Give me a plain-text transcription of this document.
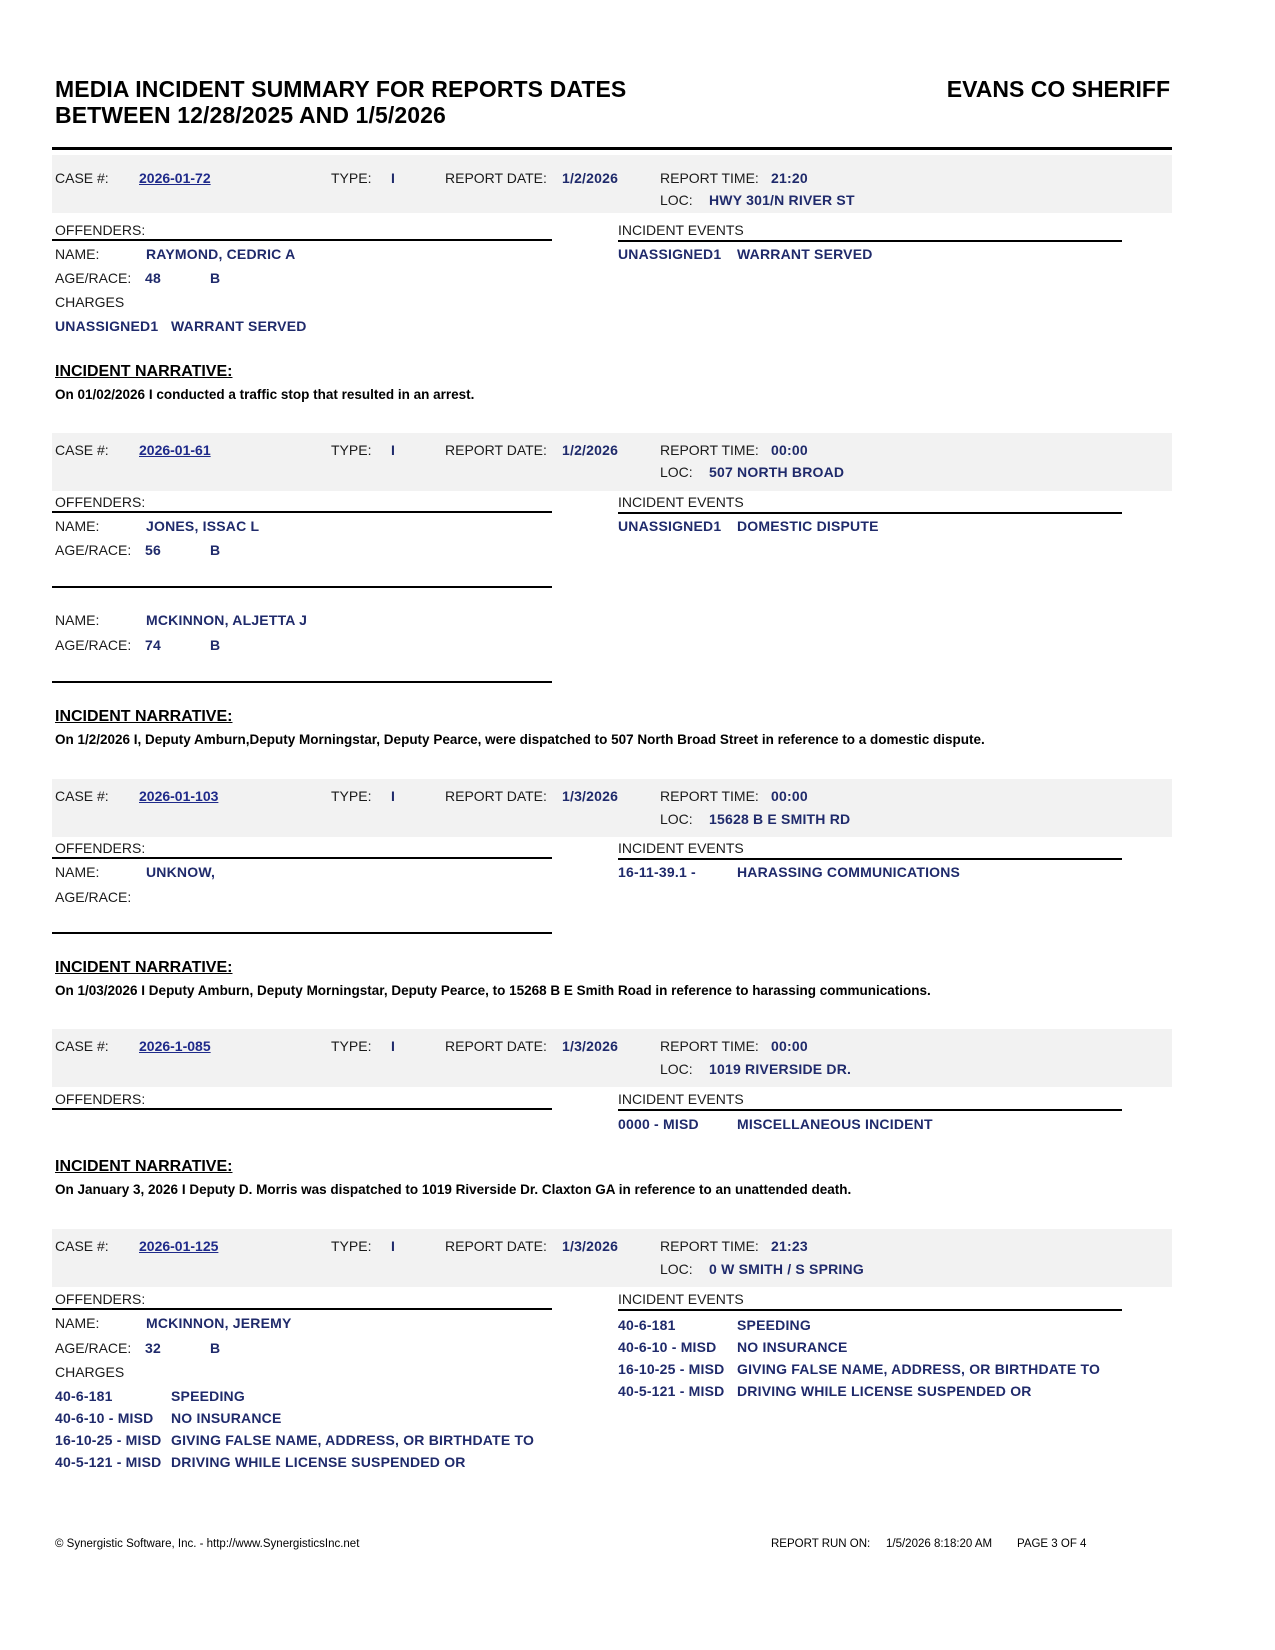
MEDIA INCIDENT SUMMARY FOR REPORTS DATES
BETWEEN 12/28/2025 AND 1/5/2026
EVANS CO SHERIFF
CASE #: 2026-01-72	TYPE: I	REPORT DATE: 1/2/2026	REPORT TIME: 21:20
LOC: HWY 301/N RIVER ST
OFFENDERS:	INCIDENT EVENTS
NAME:	RAYMOND, CEDRIC A
AGE/RACE: 48	B
CHARGES
UNASSIGNED1 WARRANT SERVED
UNASSIGNED1 WARRANT SERVED
INCIDENT NARRATIVE:
On 01/02/2026 I conducted a traffic stop that resulted in an arrest.
CASE #: 2026-01-61	TYPE: I	REPORT DATE: 1/2/2026	REPORT TIME: 00:00
LOC: 507 NORTH BROAD
OFFENDERS:	INCIDENT EVENTS
NAME:	JONES, ISSAC L
AGE/RACE: 56	B
NAME:	MCKINNON, ALJETTA J
AGE/RACE: 74	B
UNASSIGNED1 DOMESTIC DISPUTE
INCIDENT NARRATIVE:
On 1/2/2026 I, Deputy Amburn,Deputy Morningstar, Deputy Pearce, were dispatched to 507 North Broad Street in reference to a domestic dispute.
CASE #: 2026-01-103	TYPE: I	REPORT DATE: 1/3/2026	REPORT TIME: 00:00
LOC: 15628 B E SMITH RD
OFFENDERS:	INCIDENT EVENTS
NAME:	UNKNOW,
AGE/RACE:
16-11-39.1 -	HARASSING COMMUNICATIONS
INCIDENT NARRATIVE:
On 1/03/2026 I Deputy Amburn, Deputy Morningstar, Deputy Pearce, to 15268 B E Smith Road in reference to harassing communications.
CASE #: 2026-1-085	TYPE: I	REPORT DATE: 1/3/2026	REPORT TIME: 00:00
LOC: 1019 RIVERSIDE DR.
OFFENDERS:	INCIDENT EVENTS
0000 - MISD	MISCELLANEOUS INCIDENT
INCIDENT NARRATIVE:
On January 3, 2026 I Deputy D. Morris was dispatched to 1019 Riverside Dr. Claxton GA in reference to an unattended death.
CASE #: 2026-01-125	TYPE: I	REPORT DATE: 1/3/2026	REPORT TIME: 21:23
LOC: 0 W SMITH / S SPRING
OFFENDERS:	INCIDENT EVENTS
NAME:	MCKINNON, JEREMY
AGE/RACE: 32	B
CHARGES
40-6-181	SPEEDING
40-6-10 - MISD NO INSURANCE
16-10-25 - MISD GIVING FALSE NAME, ADDRESS, OR BIRTHDATE TO
40-5-121 - MISD DRIVING WHILE LICENSE SUSPENDED OR
40-6-181	SPEEDING
40-6-10 - MISD NO INSURANCE
16-10-25 - MISD GIVING FALSE NAME, ADDRESS, OR BIRTHDATE TO
40-5-121 - MISD DRIVING WHILE LICENSE SUSPENDED OR
© Synergistic Software, Inc. - http://www.SynergisticsInc.net	REPORT RUN ON: 1/5/2026 8:18:20 AM PAGE 3 OF 4
